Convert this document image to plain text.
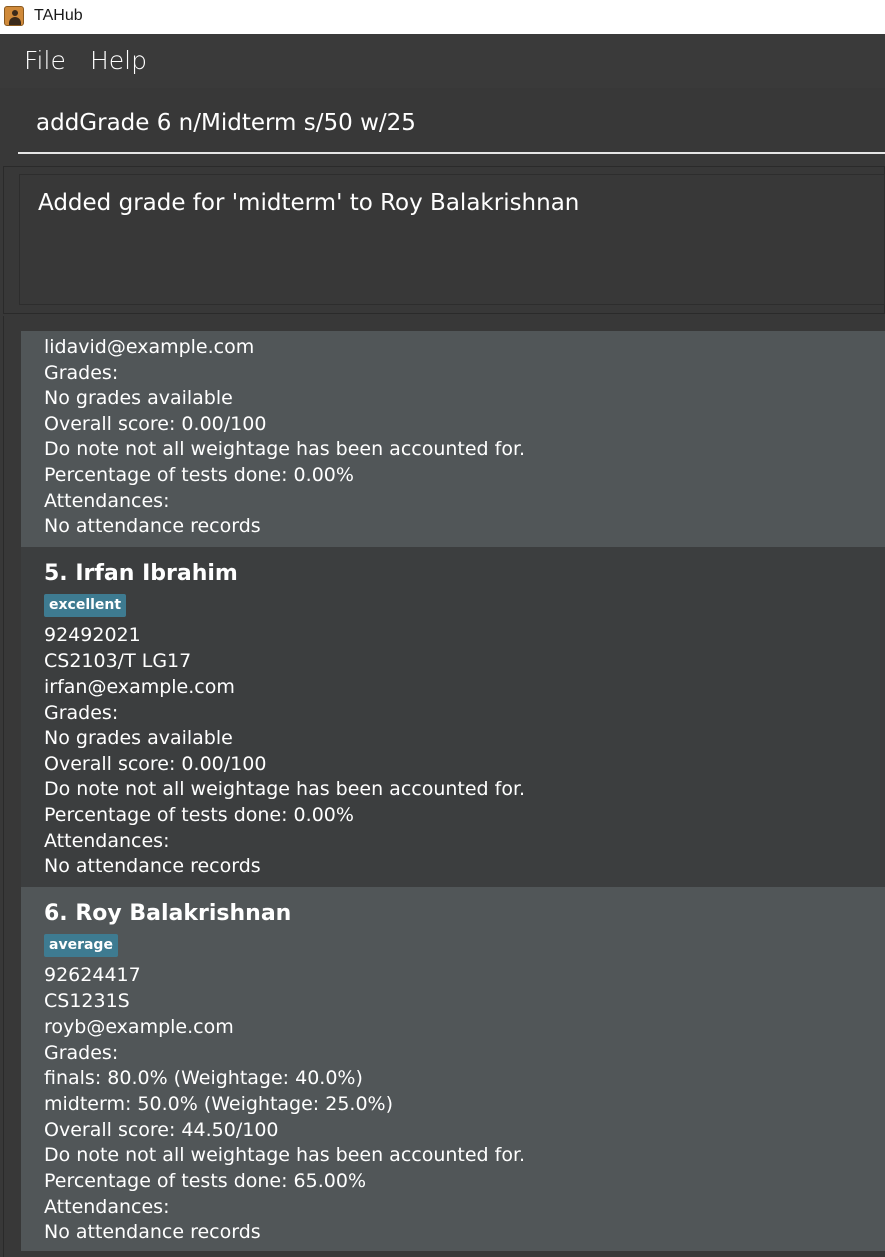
TAHub
File Help
addGrade 6 n/Midterm s/50 w/25
Added grade for 'midterm' to Roy Balakrishnan
lidavid@example.com
Grades:
No grades available
Overall score: 0.00/100
Do note not all weightage has been accounted for.
Percentage of tests done: 0.00%
Attendances:
No attendance records
5. Irfan Ibrahim
excellent
92492021
CS2103/T LG17
irfan@example.com
Grades:
No grades available
Overall score: 0.00/100
Do note not all weightage has been accounted for.
Percentage of tests done: 0.00%
Attendances:
No attendance records
6. Roy Balakrishnan
average
92624417
CS1231S
royb@example.com
Grades:
finals: 80.0% (Weightage: 40.0%)
midterm: 50.0% (Weightage: 25.0%)
Overall score: 44.50/100
Do note not all weightage has been accounted for.
Percentage of tests done: 65.00%
Attendances:
No attendance records
